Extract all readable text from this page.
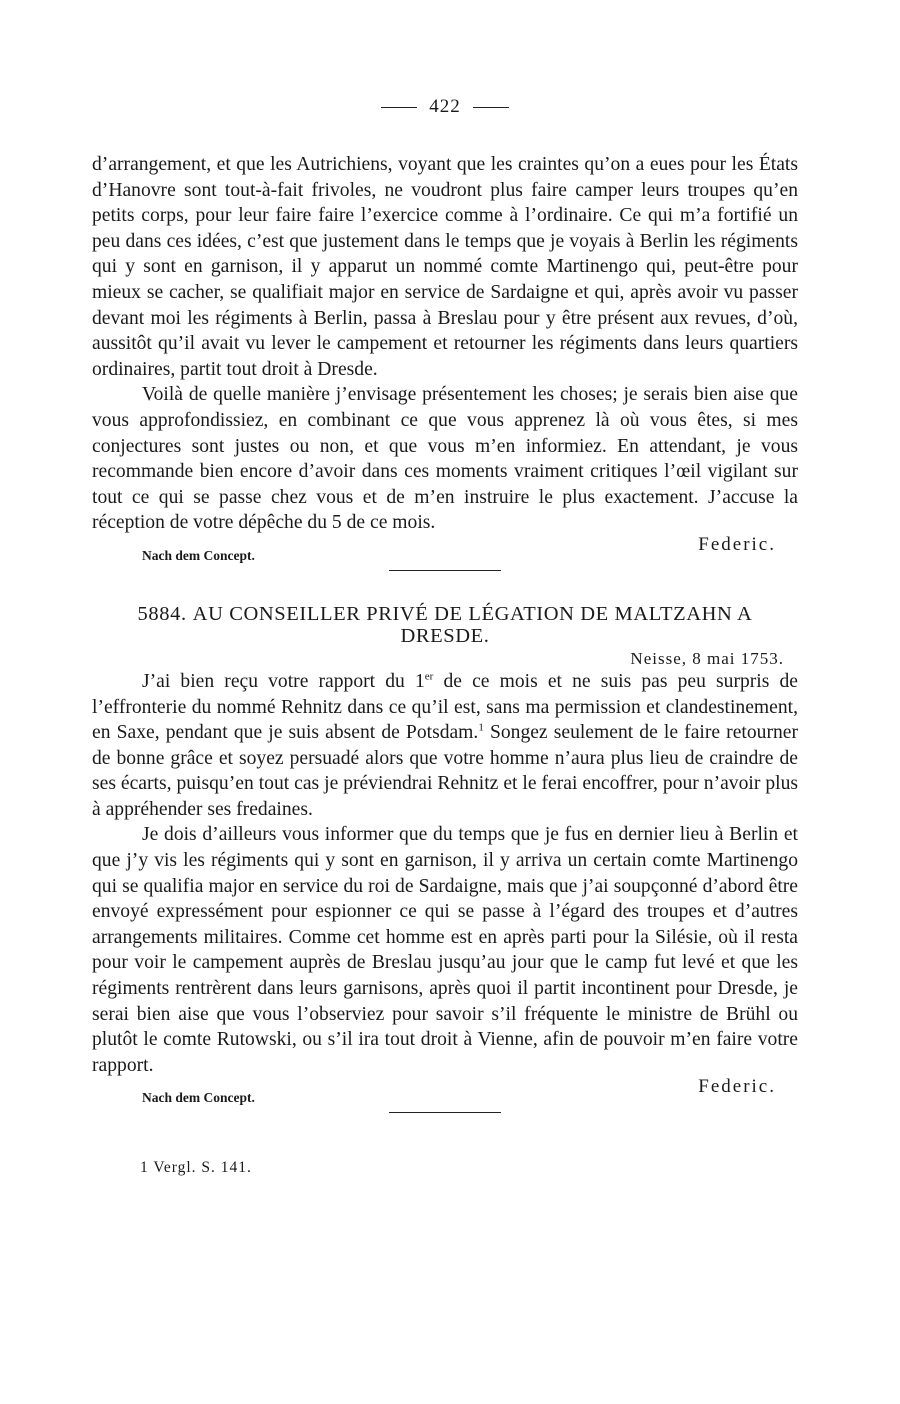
422

d’arrangement, et que les Autrichiens, voyant que les craintes qu’on a eues pour les États d’Hanovre sont tout-à-fait frivoles, ne voudront plus faire camper leurs troupes qu’en petits corps, pour leur faire faire l’exercice comme à l’ordinaire. Ce qui m’a fortifié un peu dans ces idées, c’est que justement dans le temps que je voyais à Berlin les régiments qui y sont en garnison, il y apparut un nommé comte Martinengo qui, peut-être pour mieux se cacher, se qualifiait major en service de Sardaigne et qui, après avoir vu passer devant moi les régiments à Berlin, passa à Breslau pour y être présent aux revues, d’où, aussitôt qu’il avait vu lever le campement et retourner les régiments dans leurs quartiers ordinaires, partit tout droit à Dresde.

Voilà de quelle manière j’envisage présentement les choses; je serais bien aise que vous approfondissiez, en combinant ce que vous apprenez là où vous êtes, si mes conjectures sont justes ou non, et que vous m’en informiez. En attendant, je vous recommande bien encore d’avoir dans ces moments vraiment critiques l’œil vigilant sur tout ce qui se passe chez vous et de m’en instruire le plus exactement. J’accuse la réception de votre dépêche du 5 de ce mois.

Nach dem Concept.
Federic.
5884. AU CONSEILLER PRIVÉ DE LÉGATION DE MALTZAHN A DRESDE.
Neisse, 8 mai 1753.

J’ai bien reçu votre rapport du 1er de ce mois et ne suis pas peu surpris de l’effronterie du nommé Rehnitz dans ce qu’il est, sans ma permission et clandestinement, en Saxe, pendant que je suis absent de Potsdam.$^1$ Songez seulement de le faire retourner de bonne grâce et soyez persuadé alors que votre homme n’aura plus lieu de craindre de ses écarts, puisqu’en tout cas je préviendrai Rehnitz et le ferai encoffrer, pour n’avoir plus à appréhender ses fredaines.

Je dois d’ailleurs vous informer que du temps que je fus en dernier lieu à Berlin et que j’y vis les régiments qui y sont en garnison, il y arriva un certain comte Martinengo qui se qualifia major en service du roi de Sardaigne, mais que j’ai soupçonné d’abord être envoyé expressément pour espionner ce qui se passe à l’égard des troupes et d’autres arrangements militaires. Comme cet homme est en après parti pour la Silésie, où il resta pour voir le campement auprès de Breslau jusqu’au jour que le camp fut levé et que les régiments rentrèrent dans leurs garnisons, après quoi il partit incontinent pour Dresde, je serai bien aise que vous l’observiez pour savoir s’il fréquente le ministre de Brühl ou plutôt le comte Rutowski, ou s’il ira tout droit à Vienne, afin de pouvoir m’en faire votre rapport.

Nach dem Concept.
Federic.
1 Vergl. S. 141.
